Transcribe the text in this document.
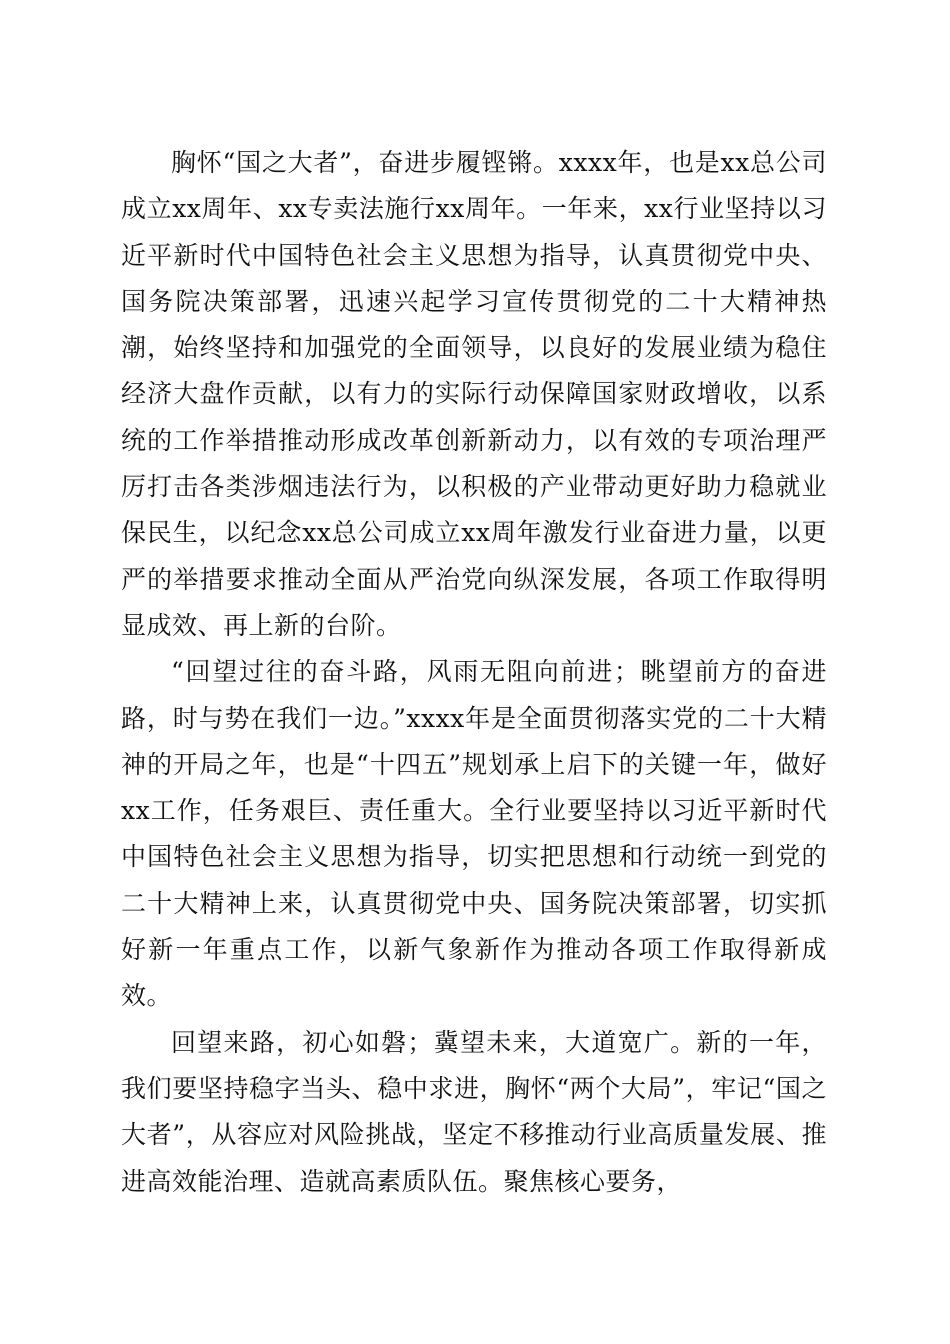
胸怀“国之大者”，奋进步履铿锵。xxxx年，也是xx总公司成立xx周年、xx专卖法施行xx周年。一年来，xx行业坚持以习近平新时代中国特色社会主义思想为指导，认真贯彻党中央、国务院决策部署，迅速兴起学习宣传贯彻党的二十大精神热潮，始终坚持和加强党的全面领导，以良好的发展业绩为稳住经济大盘作贡献，以有力的实际行动保障国家财政增收，以系统的工作举措推动形成改革创新新动力，以有效的专项治理严厉打击各类涉烟违法行为，以积极的产业带动更好助力稳就业保民生，以纪念xx总公司成立xx周年激发行业奋进力量，以更严的举措要求推动全面从严治党向纵深发展，各项工作取得明显成效、再上新的台阶。

“回望过往的奋斗路，风雨无阻向前进；眺望前方的奋进路，时与势在我们一边。”xxxx年是全面贯彻落实党的二十大精神的开局之年，也是“十四五”规划承上启下的关键一年，做好xx工作，任务艰巨、责任重大。全行业要坚持以习近平新时代中国特色社会主义思想为指导，切实把思想和行动统一到党的二十大精神上来，认真贯彻党中央、国务院决策部署，切实抓好新一年重点工作，以新气象新作为推动各项工作取得新成效。

回望来路，初心如磐；冀望未来，大道宽广。新的一年，我们要坚持稳字当头、稳中求进，胸怀“两个大局”，牢记“国之大者”，从容应对风险挑战，坚定不移推动行业高质量发展、推进高效能治理、造就高素质队伍。聚焦核心要务，
